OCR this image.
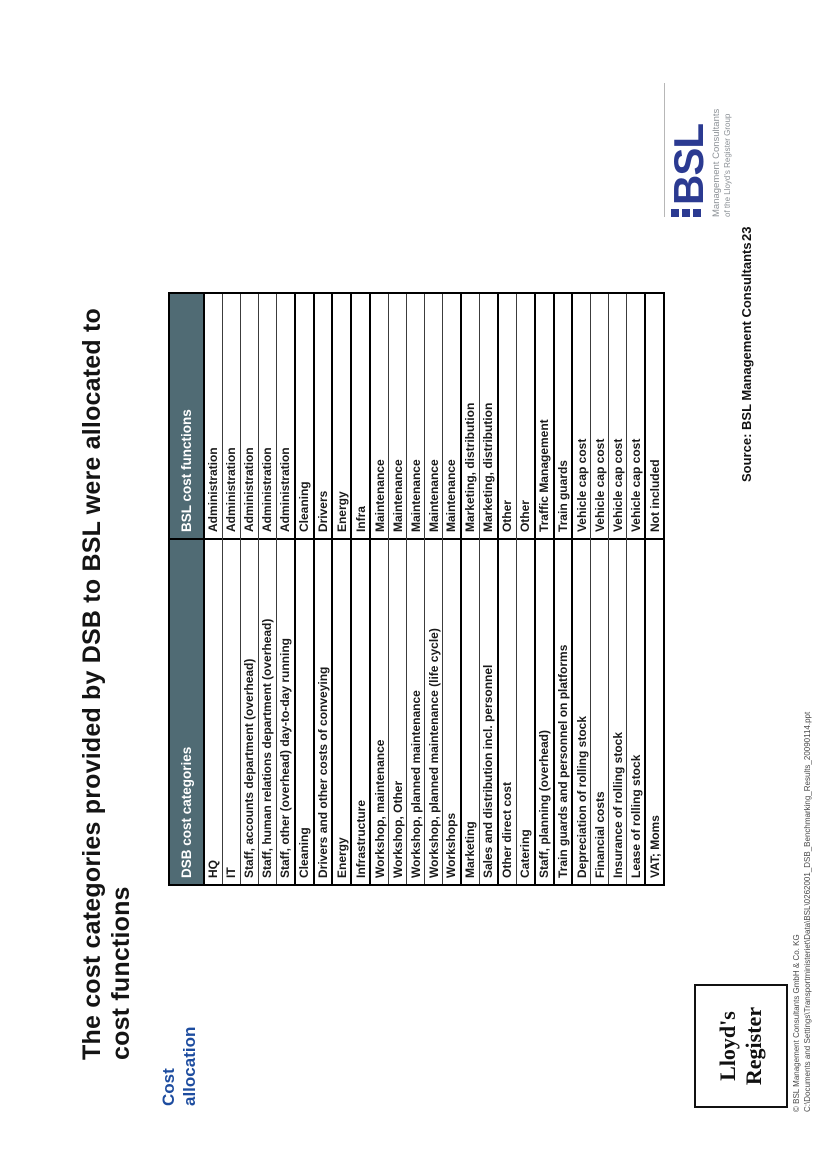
The cost categories provided by DSB to BSL were allocated to cost functions
Cost allocation
DSB cost categories
BSL cost functions
HQ
Administration
IT
Administration
Staff, accounts department (overhead)
Administration
Staff, human relations department (overhead)
Administration
Staff, other (overhead) day-to-day running
Administration
Cleaning
Cleaning
Drivers and other costs of conveying
Drivers
Energy
Energy
Infrastructure
Infra
Workshop, maintenance
Maintenance
Workshop, Other
Maintenance
Workshop, planned maintenance
Maintenance
Workshop, planned maintenance (life cycle)
Maintenance
Workshops
Maintenance
Marketing
Marketing, distribution
Sales and distribution incl. personnel
Marketing, distribution
Other direct cost
Other
Catering
Other
Staff, planning (overhead)
Traffic Management
Train guards and personnel on platforms
Train guards
Depreciation of rolling stock
Vehicle cap cost
Financial costs
Vehicle cap cost
Insurance of rolling stock
Vehicle cap cost
Lease of rolling stock
Vehicle cap cost
VAT; Moms
Not included
Source: BSL Management Consultants
23
BSL Management Consultants of the Lloyd's Register Group
Lloyd's Register	© BSL Management Consultants GmbH & Co. KG C:\Documents and Settings\Transportministeriet\Data\BSL\0262001_DSB_Benchmarking_Results_20090114.ppt
